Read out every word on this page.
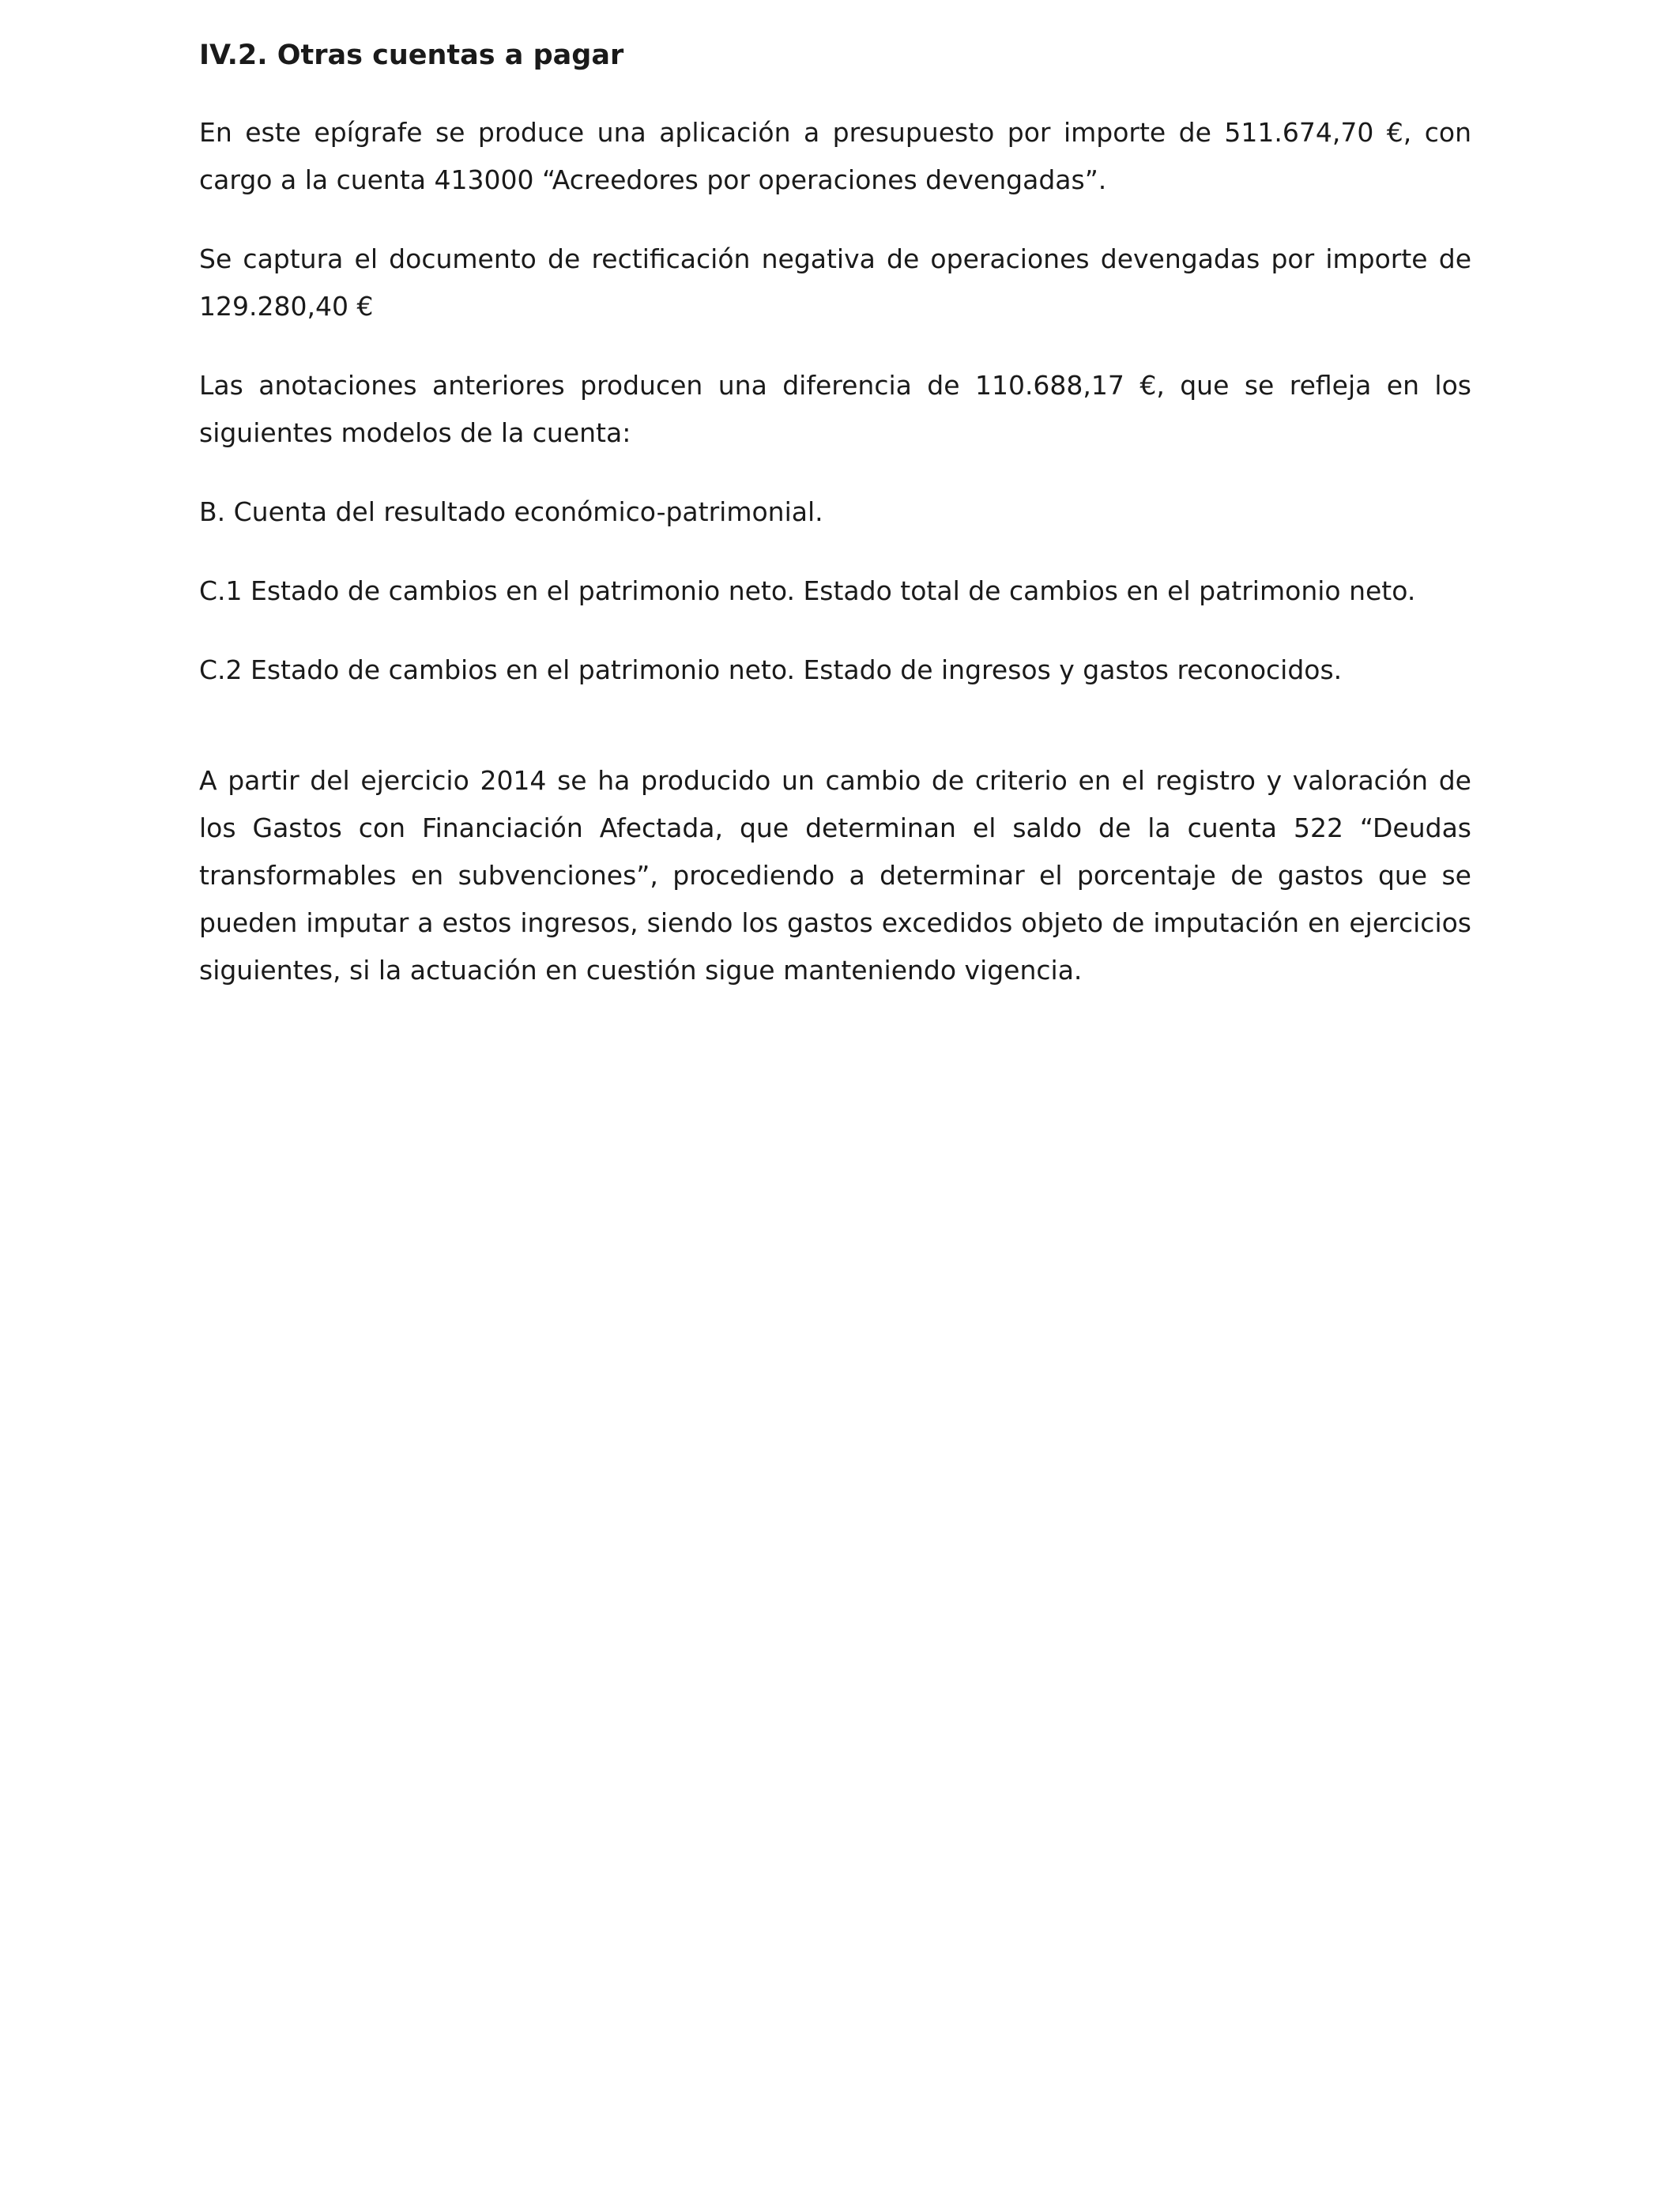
IV.2. Otras cuentas a pagar

En este epígrafe se produce una aplicación a presupuesto por importe de 511.674,70 €, con cargo a la cuenta 413000 “Acreedores por operaciones devengadas”.

Se captura el documento de rectificación negativa de operaciones devengadas por importe de 129.280,40 €

Las anotaciones anteriores producen una diferencia de 110.688,17 €, que se refleja en los siguientes modelos de la cuenta:

B. Cuenta del resultado económico-patrimonial.

C.1 Estado de cambios en el patrimonio neto. Estado total de cambios en el patrimonio neto.

C.2 Estado de cambios en el patrimonio neto. Estado de ingresos y gastos reconocidos.

A partir del ejercicio 2014 se ha producido un cambio de criterio en el registro y valoración de los Gastos con Financiación Afectada, que determinan el saldo de la cuenta 522 “Deudas transformables en subvenciones”, procediendo a determinar el porcentaje de gastos que se pueden imputar a estos ingresos, siendo los gastos excedidos objeto de imputación en ejercicios siguientes, si la actuación en cuestión sigue manteniendo vigencia.
